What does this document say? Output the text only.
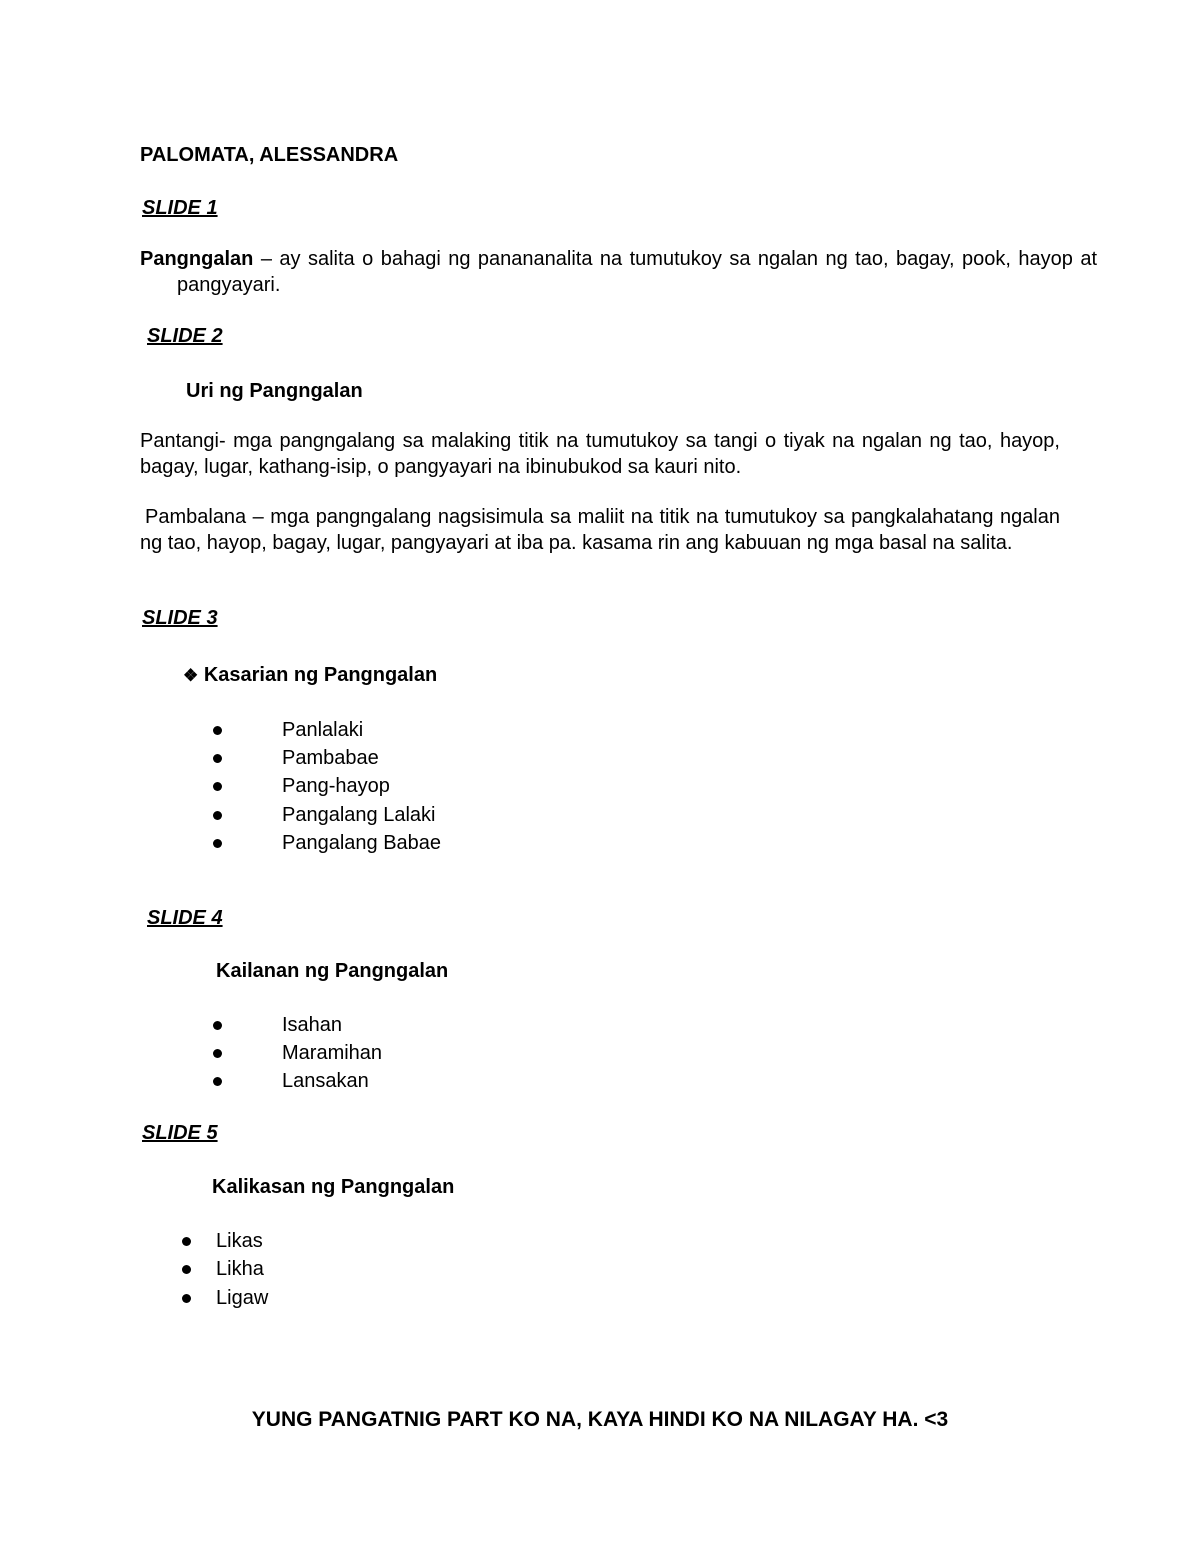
PALOMATA, ALESSANDRA
SLIDE 1
Pangngalan – ay salita o bahagi ng panananalita na tumutukoy sa ngalan ng tao, bagay, pook, hayop at pangyayari.
SLIDE 2
Uri ng Pangngalan
Pantangi- mga pangngalang sa malaking titik na tumutukoy sa tangi o tiyak na ngalan ng tao, hayop, bagay, lugar, kathang-isip, o pangyayari na ibinubukod sa kauri nito.
Pambalana – mga pangngalang nagsisimula sa maliit na titik na tumutukoy sa pangkalahatang ngalan ng tao, hayop, bagay, lugar, pangyayari at iba pa. kasama rin ang kabuuan ng mga basal na salita.
SLIDE 3
❖ Kasarian ng Pangngalan
Panlalaki
Pambabae
Pang-hayop
Pangalang Lalaki
Pangalang Babae
SLIDE 4
Kailanan ng Pangngalan
Isahan
Maramihan
Lansakan
SLIDE 5
Kalikasan ng Pangngalan
Likas
Likha
Ligaw
YUNG PANGATNIG PART KO NA, KAYA HINDI KO NA NILAGAY HA. <3
